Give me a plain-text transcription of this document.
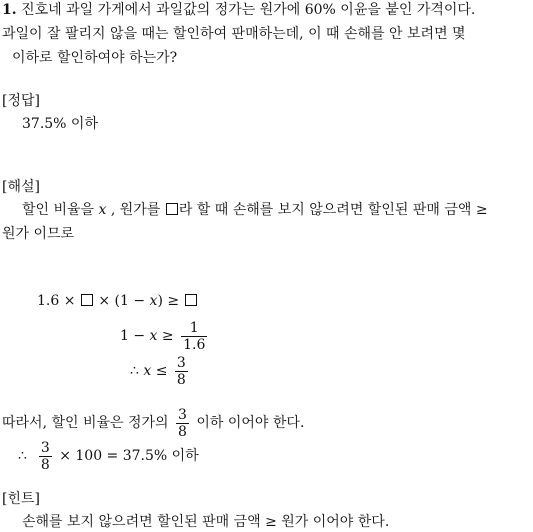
1. 진호네 과일 가게에서 과일값의 정가는 원가에 60% 이윤을 붙인 가격이다.
과일이 잘 팔리지 않을 때는 할인하여 판매하는데, 이 때 손해를 안 보려면 몇
이하로 할인하여야 하는가?
[정답]
37.5% 이하
[해설]
할인 비율을 x , 원가를 라 할 때 손해를 보지 않으려면 할인된 판매 금액 ≥
원가 이므로
1.6 ×  × (1 − x) ≥
$1 - x \ge \frac{1}{1.6}$
∴ $x \le \frac{3}{8}$
따라서, 할인 비율은 정가의 $\frac{3}{8}$ 이하 이어야 한다.
∴ $\frac{3}{8} \times 100 = 37.5\%$ 이하
[힌트]
손해를 보지 않으려면 할인된 판매 금액 ≥ 원가 이어야 한다.
